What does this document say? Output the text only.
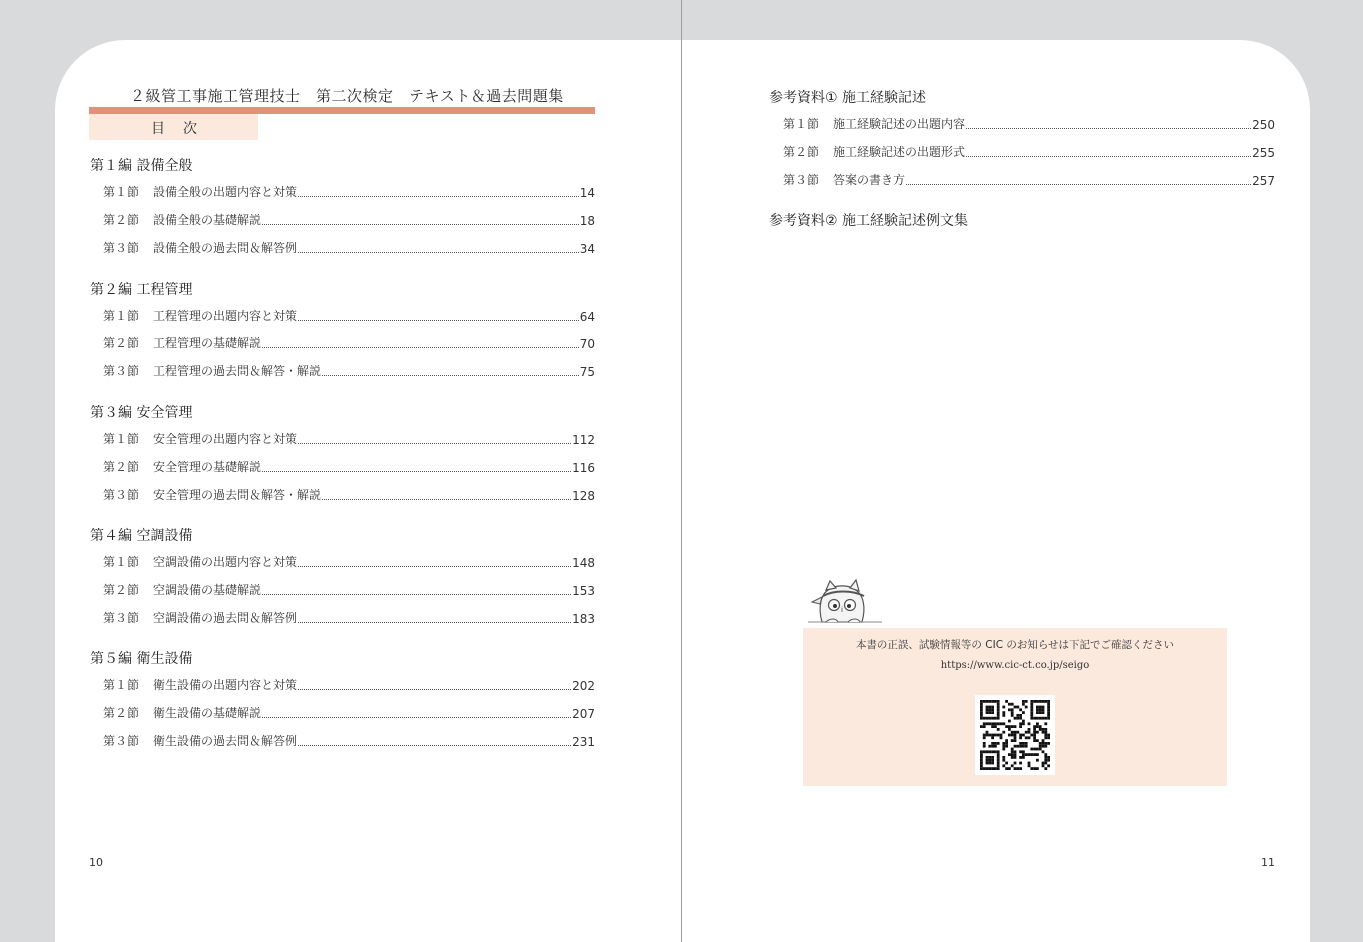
２級管工事施工管理技士　第二次検定　テキスト＆過去問題集
目　次
第１編 設備全般
第１節	設備全般の出題内容と対策	14
第２節	設備全般の基礎解説	18
第３節	設備全般の過去問＆解答例	34
第２編 工程管理
第１節	工程管理の出題内容と対策	64
第２節	工程管理の基礎解説	70
第３節	工程管理の過去問＆解答・解説	75
第３編 安全管理
第１節	安全管理の出題内容と対策	112
第２節	安全管理の基礎解説	116
第３節	安全管理の過去問＆解答・解説	128
第４編 空調設備
第１節	空調設備の出題内容と対策	148
第２節	空調設備の基礎解説	153
第３節	空調設備の過去問＆解答例	183
第５編 衛生設備
第１節	衛生設備の出題内容と対策	202
第２節	衛生設備の基礎解説	207
第３節	衛生設備の過去問＆解答例	231
10
参考資料① 施工経験記述
第１節	施工経験記述の出題内容	250
第２節	施工経験記述の出題形式	255
第３節	答案の書き方	257
参考資料② 施工経験記述例文集
i
本書の正誤、試験情報等の CIC のお知らせは下記でご確認ください
https://www.cic-ct.co.jp/seigo
11
